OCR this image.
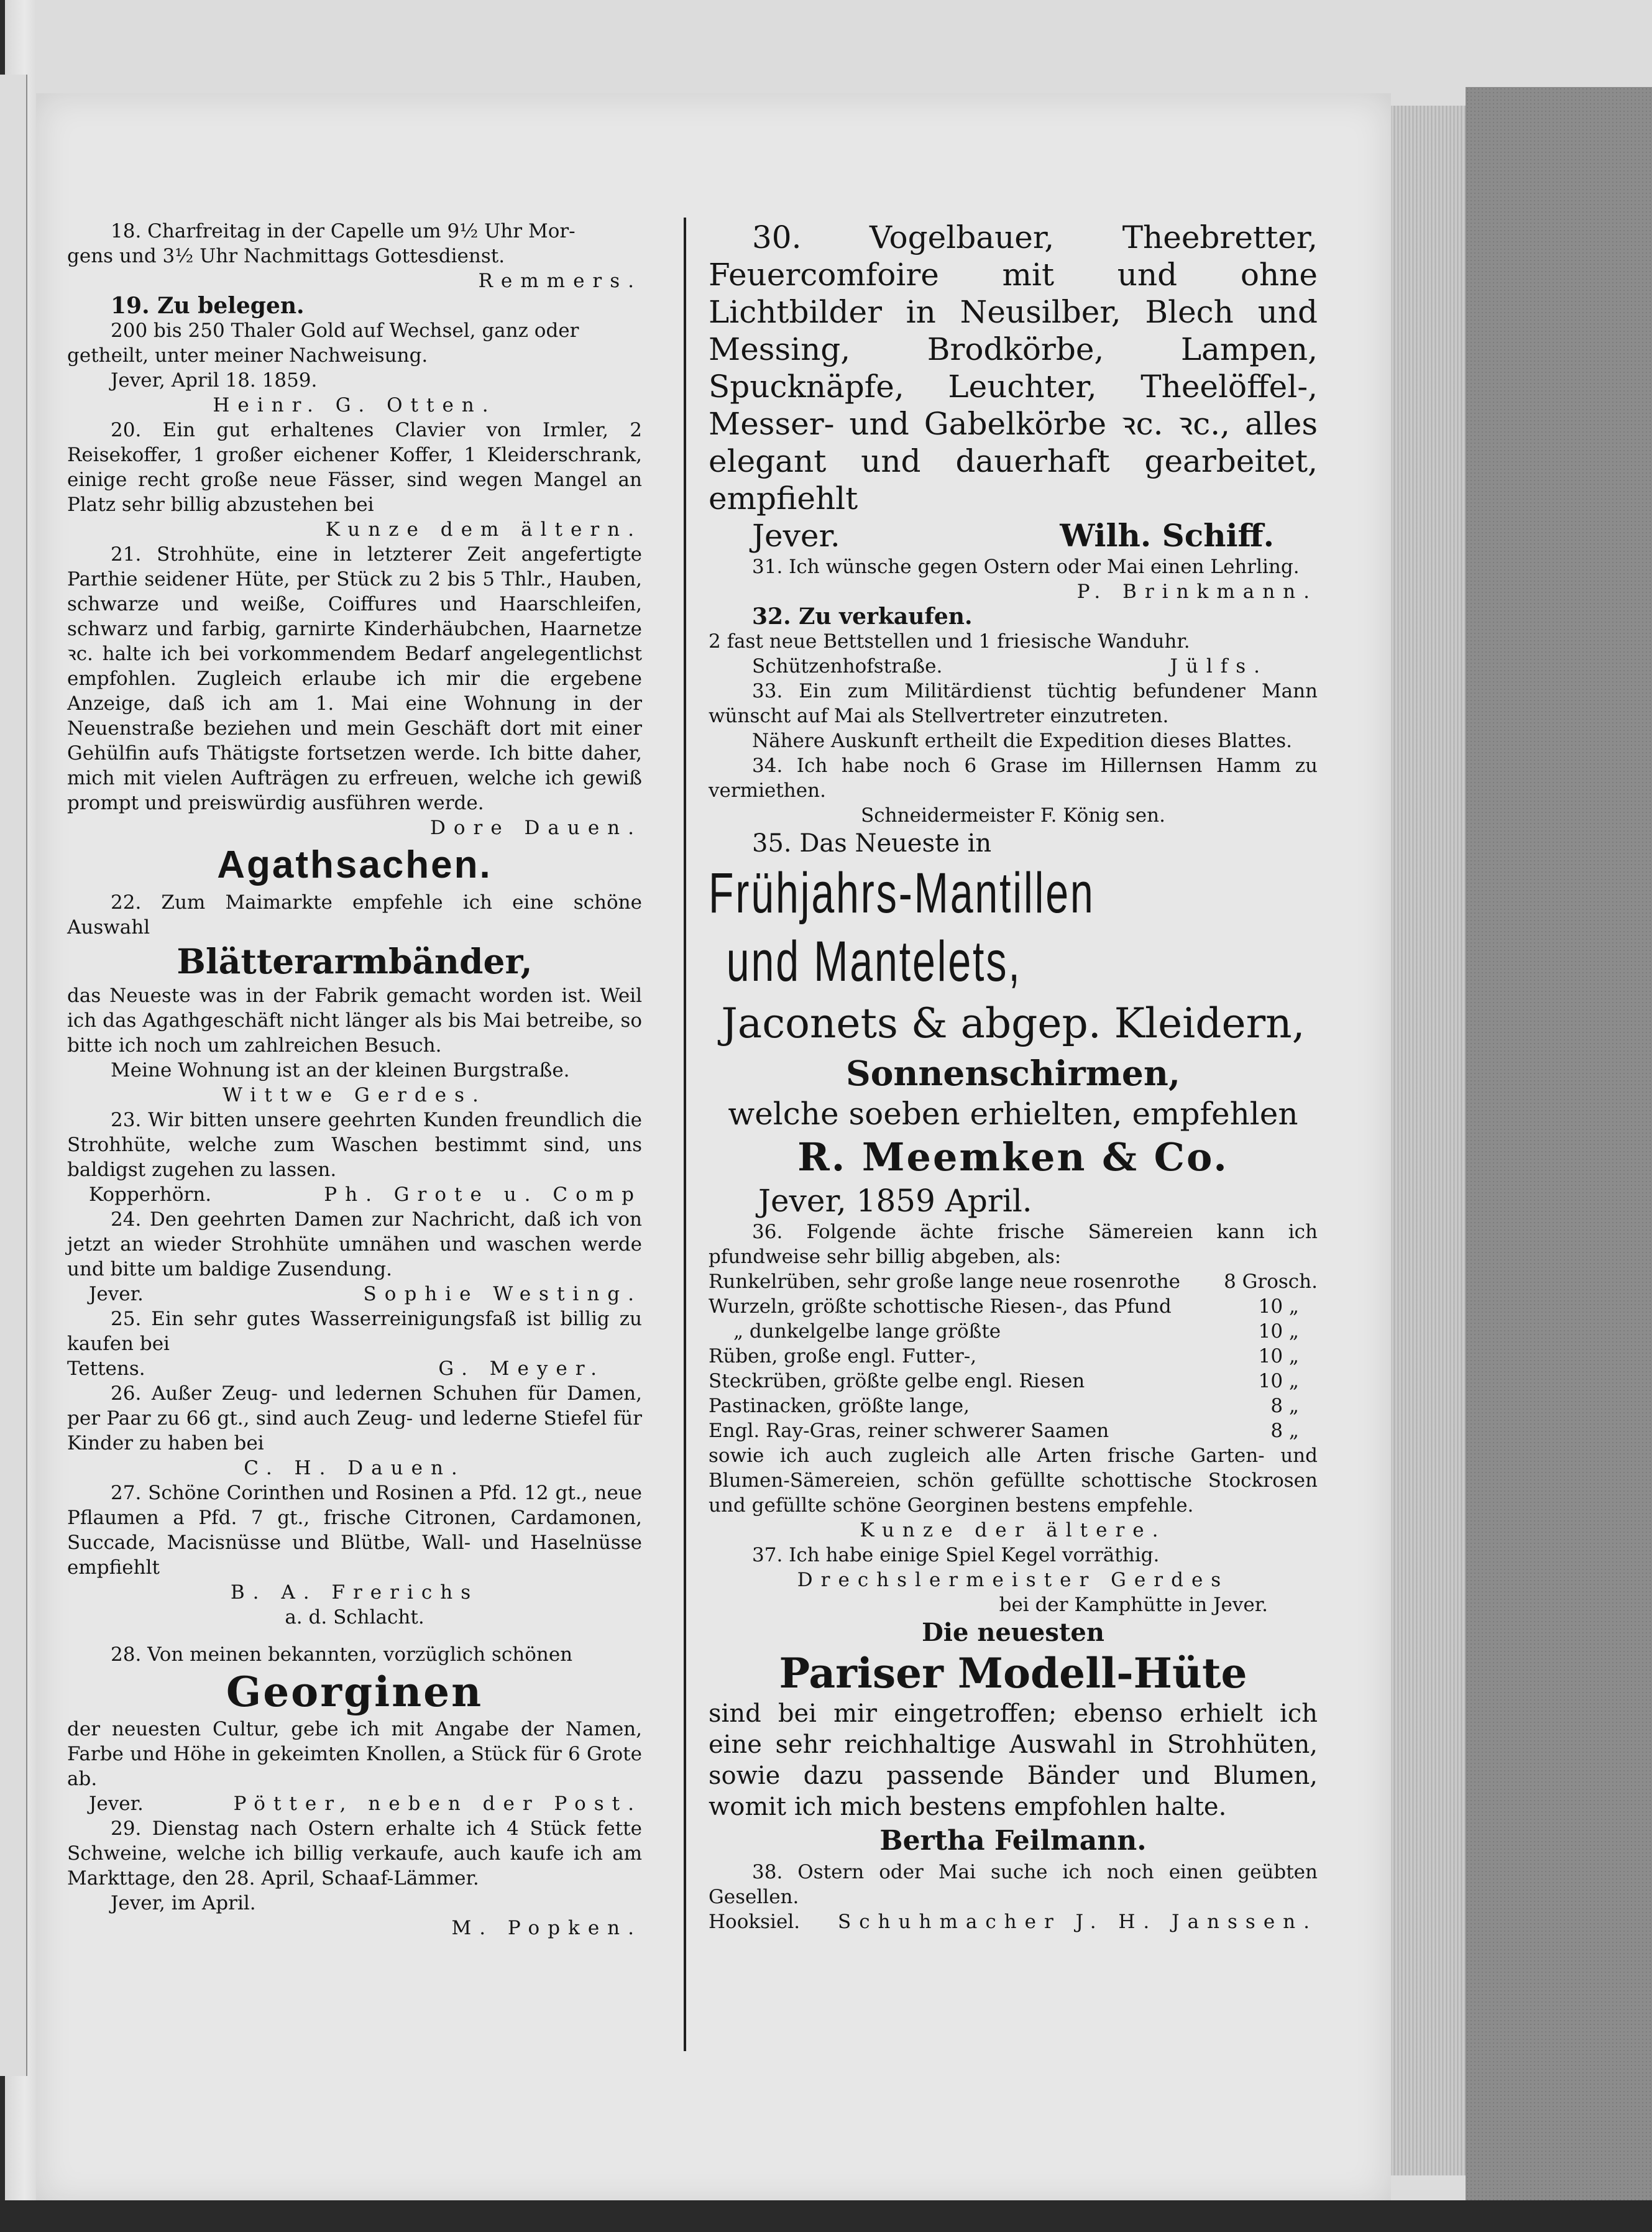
18. Charfreitag in der Capelle um 9½ Uhr Mor-

gens und 3½ Uhr Nachmittags Gottesdienst.

Remmers.

19. Zu belegen.

200 bis 250 Thaler Gold auf Wechsel, ganz oder

getheilt, unter meiner Nachweisung.

Jever, April 18. 1859.

Heinr. G. Otten.

20. Ein gut erhaltenes Clavier von Irmler, 2 Reisekoffer, 1 großer eichener Koffer, 1 Kleiderschrank, einige recht große neue Fässer, sind wegen Mangel an Platz sehr billig abzustehen bei

Kunze dem ältern.

21. Strohhüte, eine in letzterer Zeit angefertigte Parthie seidener Hüte, per Stück zu 2 bis 5 Thlr., Hauben, schwarze und weiße, Coiffures und Haarschleifen, schwarz und farbig, garnirte Kinderhäubchen, Haarnetze ꝛc. halte ich bei vorkommendem Bedarf angelegentlichst empfohlen. Zugleich erlaube ich mir die ergebene Anzeige, daß ich am 1. Mai eine Wohnung in der Neuenstraße beziehen und mein Geschäft dort mit einer Gehülfin aufs Thätigste fortsetzen werde. Ich bitte daher, mich mit vielen Aufträgen zu erfreuen, welche ich gewiß prompt und preiswürdig ausführen werde.

Dore Dauen.

Agathsachen.

22. Zum Maimarkte empfehle ich eine schöne Auswahl

Blätterarmbänder,

das Neueste was in der Fabrik gemacht worden ist. Weil ich das Agathgeschäft nicht länger als bis Mai betreibe, so bitte ich noch um zahlreichen Besuch.

Meine Wohnung ist an der kleinen Burgstraße.

Wittwe Gerdes.

23. Wir bitten unsere geehrten Kunden freundlich die Strohhüte, welche zum Waschen bestimmt sind, uns baldigst zugehen zu lassen.

Kopperhörn.	Ph. Grote u. Comp

24. Den geehrten Damen zur Nachricht, daß ich von jetzt an wieder Strohhüte umnähen und waschen werde und bitte um baldige Zusendung.

Jever.	Sophie Westing.

25. Ein sehr gutes Wasserreinigungsfaß ist billig zu kaufen bei

Tettens.	G. Meyer.

26. Außer Zeug- und ledernen Schuhen für Damen, per Paar zu 66 gt., sind auch Zeug- und lederne Stiefel für Kinder zu haben bei

C. H. Dauen.

27. Schöne Corinthen und Rosinen a Pfd. 12 gt., neue Pflaumen a Pfd. 7 gt., frische Citronen, Cardamonen, Succade, Macisnüsse und Blütbe, Wall- und Haselnüsse empfiehlt

B. A. Frerichs

a. d. Schlacht.

28. Von meinen bekannten, vorzüglich schönen

Georginen

der neuesten Cultur, gebe ich mit Angabe der Namen, Farbe und Höhe in gekeimten Knollen, a Stück für 6 Grote ab.

Jever.	Pötter, neben der Post.

29. Dienstag nach Ostern erhalte ich 4 Stück fette Schweine, welche ich billig verkaufe, auch kaufe ich am Markttage, den 28. April, Schaaf-Lämmer.

Jever, im April.

M. Popken.

30. Vogelbauer, Theebretter, Feuercomfoire mit und ohne Lichtbilder in Neusilber, Blech und Messing, Brodkörbe, Lampen, Spucknäpfe, Leuchter, Theelöffel-, Messer- und Gabelkörbe ꝛc. ꝛc., alles elegant und dauerhaft gearbeitet, empfiehlt

Jever.	Wilh. Schiff.

31. Ich wünsche gegen Ostern oder Mai einen Lehrling.

P. Brinkmann.

32. Zu verkaufen.

2 fast neue Bettstellen und 1 friesische Wanduhr.

Schützenhofstraße.	Jülfs.

33. Ein zum Militärdienst tüchtig befundener Mann wünscht auf Mai als Stellvertreter einzutreten.

Nähere Auskunft ertheilt die Expedition dieses Blattes.

34. Ich habe noch 6 Grase im Hillernsen Hamm zu vermiethen.

Schneidermeister F. König sen.

35. Das Neueste in

Frühjahrs-Mantillen

und Mantelets,

Jaconets & abgep. Kleidern,

Sonnenschirmen,

welche soeben erhielten, empfehlen

R. Meemken & Co.

Jever, 1859 April.

36. Folgende ächte frische Sämereien kann ich pfundweise sehr billig abgeben, als:

Runkelrüben, sehr große lange neue rosenrothe 8 Grosch.

Wurzeln, größte schottische Riesen-, das Pfund	10 „

„ dunkelgelbe lange größte	10 „

Rüben, große engl. Futter-,	10 „

Steckrüben, größte gelbe engl. Riesen	10 „

Pastinacken, größte lange,	8 „

Engl. Ray-Gras, reiner schwerer Saamen	8 „

sowie ich auch zugleich alle Arten frische Garten- und Blumen-Sämereien, schön gefüllte schottische Stockrosen und gefüllte schöne Georginen bestens empfehle.

Kunze der ältere.

37. Ich habe einige Spiel Kegel vorräthig.

Drechslermeister Gerdes

bei der Kamphütte in Jever.

Die neuesten

Pariser Modell-Hüte

sind bei mir eingetroffen; ebenso erhielt ich eine sehr reichhaltige Auswahl in Strohhüten, sowie dazu passende Bänder und Blumen, womit ich mich bestens empfohlen halte.

Bertha Feilmann.

38. Ostern oder Mai suche ich noch einen geübten Gesellen.

Hooksiel. Schuhmacher J. H. Janssen.
